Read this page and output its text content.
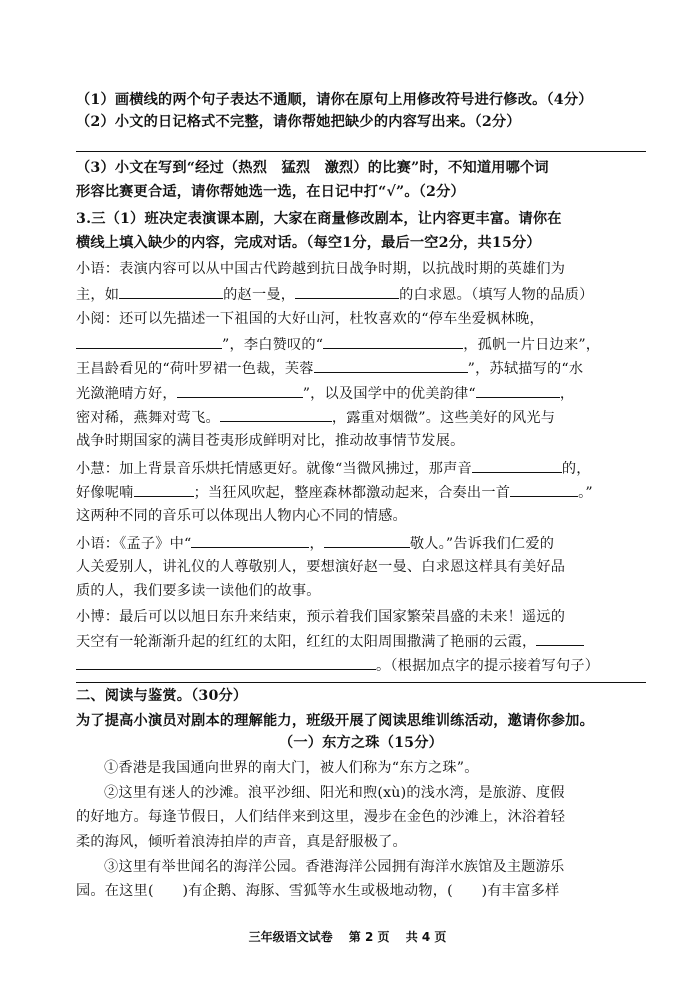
（1）画横线的两个句子表达不通顺，请你在原句上用修改符号进行修改。（4分）
（2）小文的日记格式不完整，请你帮她把缺少的内容写出来。（2分）
（3）小文在写到“经过（热烈　猛烈　激烈）的比赛”时，不知道用哪个词
形容比赛更合适，请你帮她选一选，在日记中打“√”。（2分）
3.三（1）班决定表演课本剧，大家在商量修改剧本，让内容更丰富。请你在
横线上填入缺少的内容，完成对话。（每空1分，最后一空2分，共15分）
小语：表演内容可以从中国古代跨越到抗日战争时期，以抗战时期的英雄们为
主，如	的赵一曼，	的白求恩。（填写人物的品质）
小阅：还可以先描述一下祖国的大好山河，杜牧喜欢的“停车坐爱枫林晚，
”，李白赞叹的“	，孤帆一片日边来”，
王昌龄看见的“荷叶罗裙一色裁，芙蓉	”，苏轼描写的“水
光潋滟晴方好，	”，以及国学中的优美韵律“	，
密对稀，燕舞对莺飞。	，露重对烟微”。这些美好的风光与
战争时期国家的满目苍夷形成鲜明对比，推动故事情节发展。
小慧：加上背景音乐烘托情感更好。就像“当微风拂过，那声音	的，
好像呢喃	；当狂风吹起，整座森林都激动起来，合奏出一首	。”
这两种不同的音乐可以体现出人物内心不同的情感。
小语：《孟子》中“	，	敬人。”告诉我们仁爱的
人关爱别人，讲礼仪的人尊敬别人，要想演好赵一曼、白求恩这样具有美好品
质的人，我们要多读一读他们的故事。
小博：最后可以以旭日东升来结束，预示着我们国家繁荣昌盛的未来！遥远的
天空有一轮渐渐升起的红红的太阳，红红的太阳周围撒满了艳丽的云霞，
。（根据加点字的提示接着写句子）
二、阅读与鉴赏。（30分）
为了提高小演员对剧本的理解能力，班级开展了阅读思维训练活动，邀请你参加。
（一）东方之珠（15分）
①香港是我国通向世界的南大门，被人们称为“东方之珠”。
②这里有迷人的沙滩。浪平沙细、阳光和煦(xù)的浅水湾，是旅游、度假
的好地方。每逢节假日，人们结伴来到这里，漫步在金色的沙滩上，沐浴着轻
柔的海风，倾听着浪涛拍岸的声音，真是舒服极了。
③这里有举世闻名的海洋公园。香港海洋公园拥有海洋水族馆及主题游乐
园。在这里(　　)有企鹅、海豚、雪狐等水生或极地动物，(　　)有丰富多样
三年级语文试卷 第 2 页 共 4 页
